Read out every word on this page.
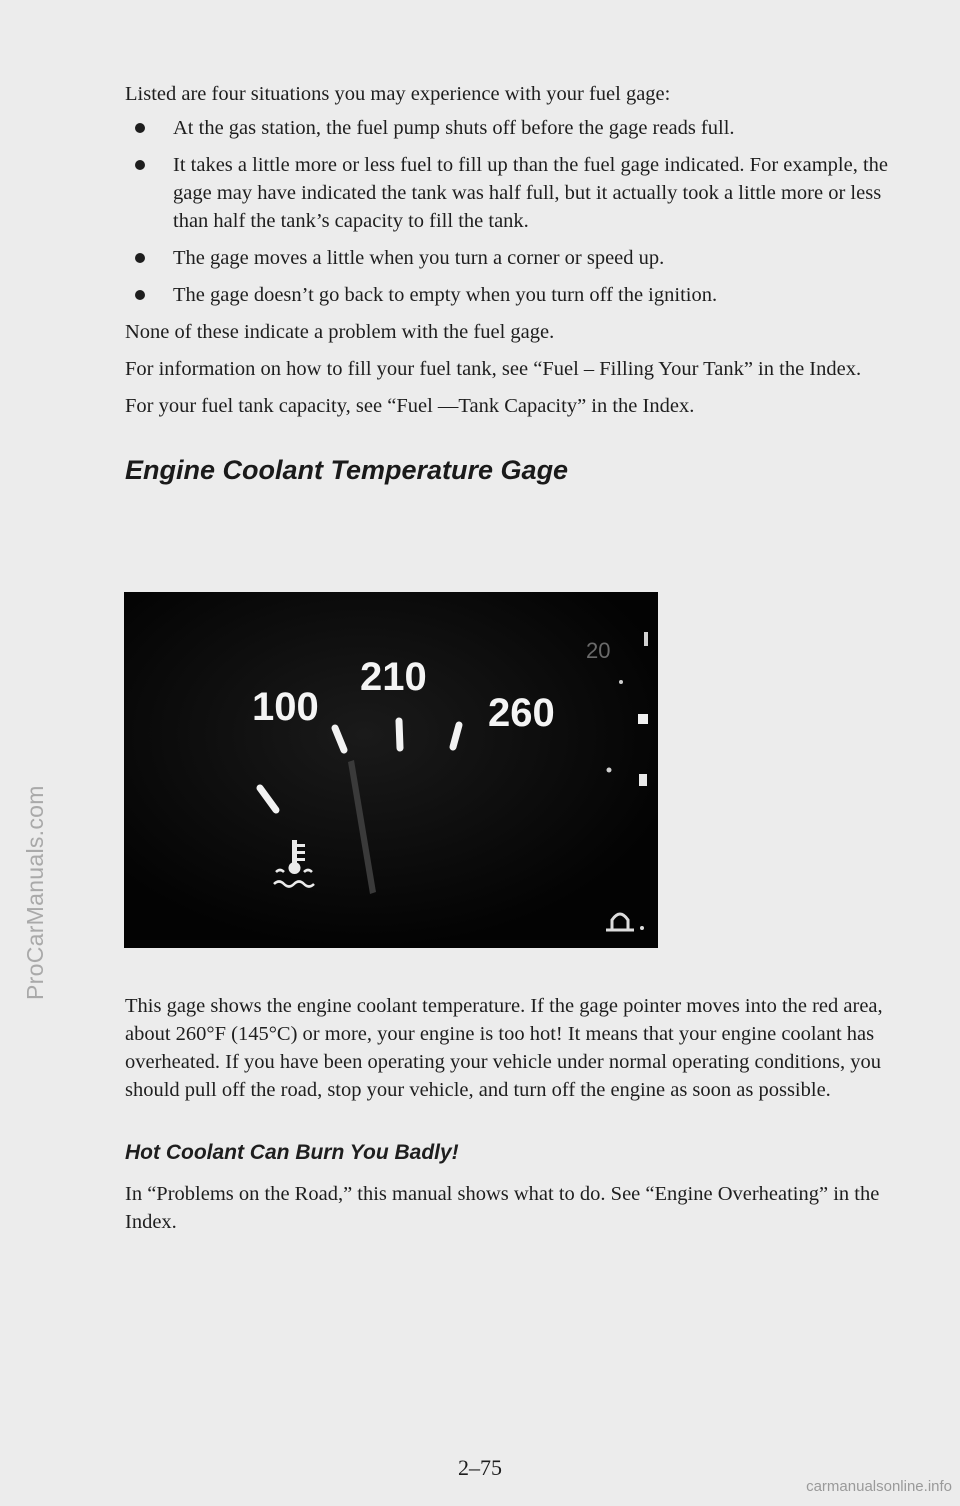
ProCarManuals.com

Listed are four situations you may experience with your fuel gage:

At the gas station, the fuel pump shuts off before the gage reads full.
It takes a little more or less fuel to fill up than the fuel gage indicated. For example, the gage may have indicated the tank was half full, but it actually took a little more or less than half the tank’s capacity to fill the tank.
The gage moves a little when you turn a corner or speed up.
The gage doesn’t go back to empty when you turn off the ignition.

None of these indicate a problem with the fuel gage.

For information on how to fill your fuel tank, see “Fuel – Filling Your Tank” in the Index.

For your fuel tank capacity, see “Fuel —Tank Capacity” in the Index.

Engine Coolant Temperature Gage
100
210
260
20

This gage shows the engine coolant temperature. If the gage pointer moves into the red area, about 260°F (145°C) or more, your engine is too hot! It means that your engine coolant has overheated. If you have been operating your vehicle under normal operating conditions, you should pull off the road, stop your vehicle, and turn off the engine as soon as possible.

Hot Coolant Can Burn You Badly!

In “Problems on the Road,” this manual shows what to do. See “Engine Overheating” in the Index.

2–75
carmanualsonline.info
